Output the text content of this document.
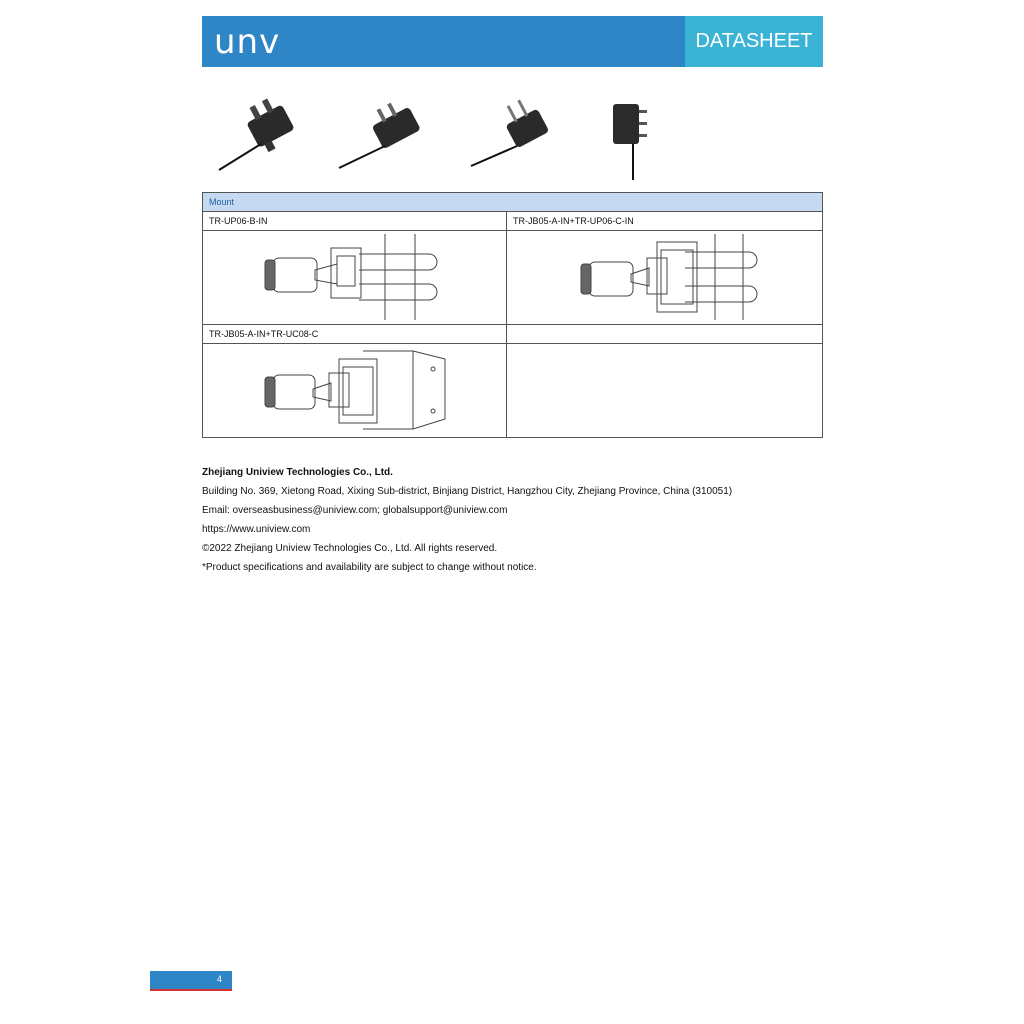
unv	DATASHEET
Mount	
TR-UP06-B-IN	TR-JB05-A-IN+TR-UP06-C-IN

TR-JB05-A-IN+TR-UC08-C	

Zhejiang Uniview Technologies Co., Ltd.
Building No. 369, Xietong Road, Xixing Sub-district, Binjiang District, Hangzhou City, Zhejiang Province, China (310051)
Email: overseasbusiness@uniview.com; globalsupport@uniview.com
https://www.uniview.com
©2022 Zhejiang Uniview Technologies Co., Ltd. All rights reserved.
*Product specifications and availability are subject to change without notice.
4
